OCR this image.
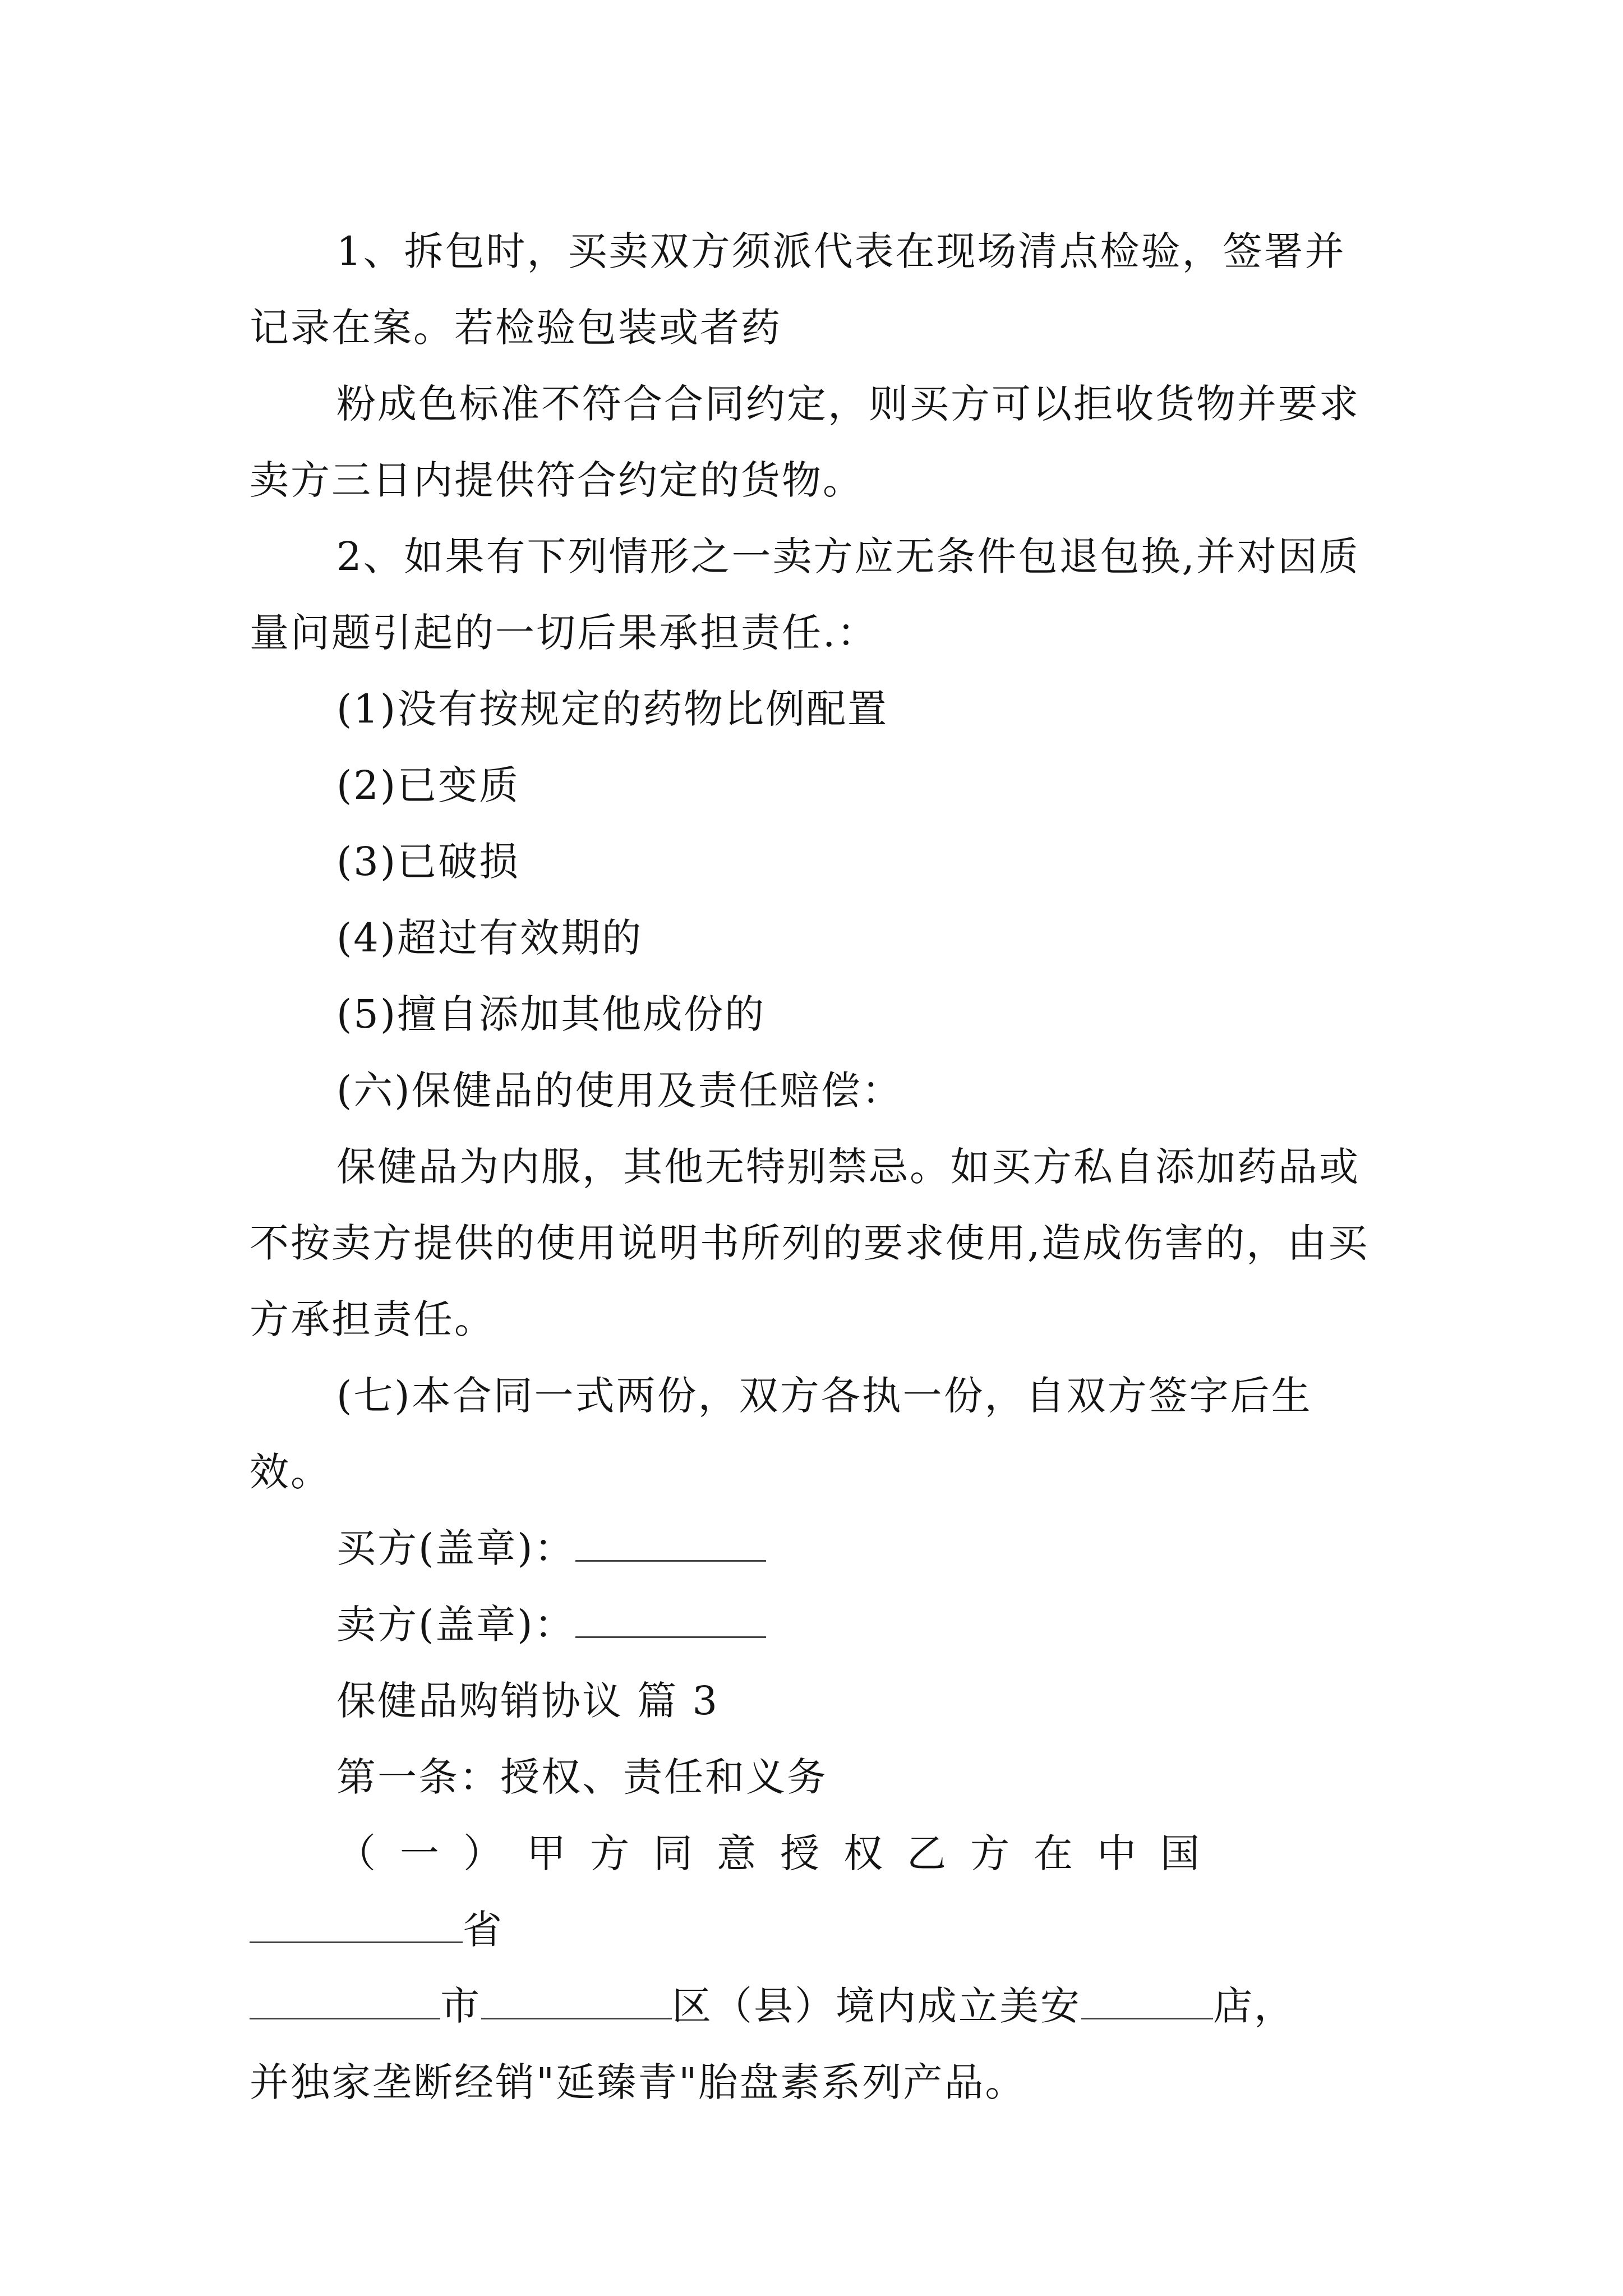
1、拆包时，买卖双方须派代表在现场清点检验，签署并记录在案。若检验包装或者药

粉成色标准不符合合同约定，则买方可以拒收货物并要求卖方三日内提供符合约定的货物。

2、如果有下列情形之一卖方应无条件包退包换,并对因质量问题引起的一切后果承担责任.：

(1)没有按规定的药物比例配置

(2)已变质

(3)已破损

(4)超过有效期的

(5)擅自添加其他成份的

(六)保健品的使用及责任赔偿：

保健品为内服，其他无特别禁忌。如买方私自添加药品或不按卖方提供的使用说明书所列的要求使用,造成伤害的，由买方承担责任。

(七)本合同一式两份，双方各执一份，自双方签字后生效。

买方(盖章)：

卖方(盖章)：

保健品购销协议 篇 3

第一条：授权、责任和义务

（一）甲方同意授权乙方在中国省
市	区（县）境内成立美安	店，
并独家垄断经销"延臻青"胎盘素系列产品。
